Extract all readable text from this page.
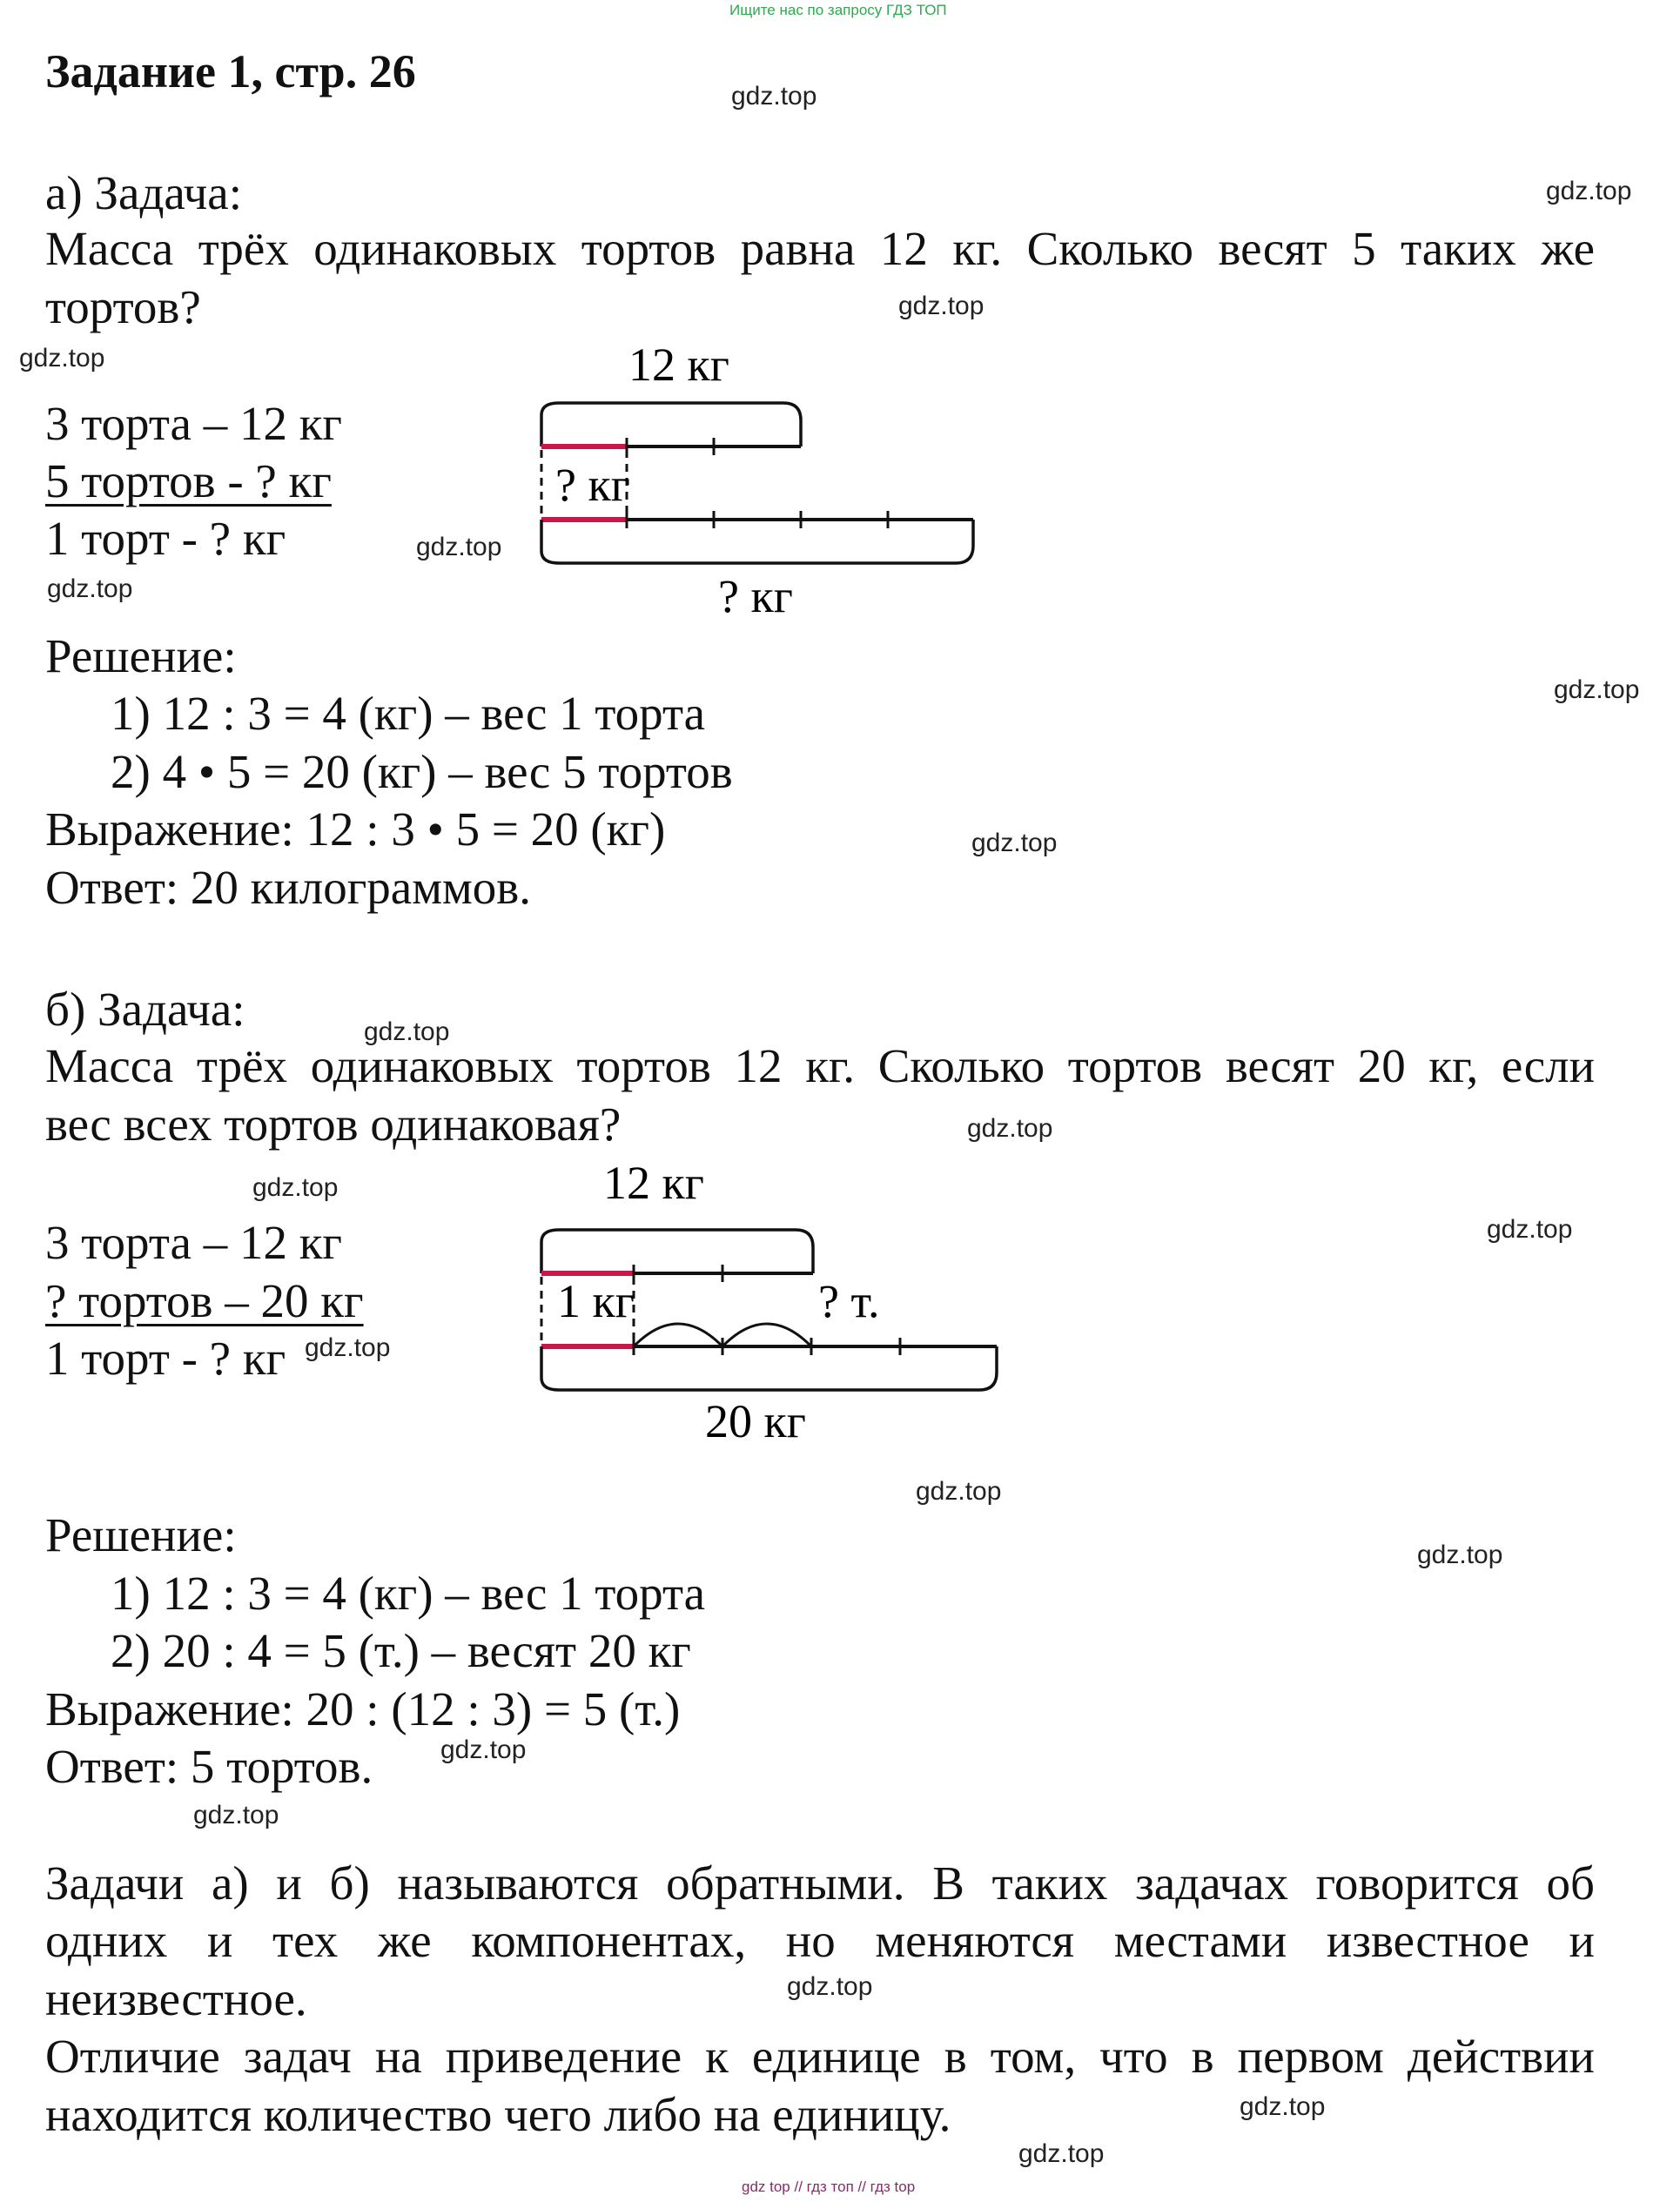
Ищите нас по запросу ГДЗ ТОП
Задание 1, стр. 26	gdz.top
gdz.top
gdz.top
gdz.top
gdz.top
gdz.top
gdz.top
gdz.top
gdz.top
gdz.top
gdz.top
gdz.top
gdz.top
gdz.top
gdz.top
gdz.top
gdz.top
gdz.top
gdz.top
gdz.top
а) Задача:
Масса трёх одинаковых тортов равна 12 кг. Сколько весят 5 таких же
тортов?
3 торта – 12 кг
5 тортов - ? кг
1 торт - ? кг
12 кг
? кг
? кг
Решение:
1) 12 : 3 = 4 (кг) – вес 1 торта
2) 4 • 5 = 20 (кг) – вес 5 тортов
Выражение: 12 : 3 • 5 = 20 (кг)
Ответ: 20 килограммов.
б) Задача:
Масса трёх одинаковых тортов 12 кг. Сколько тортов весят 20 кг, если
вес всех тортов одинаковая?
3 торта – 12 кг
? тортов – 20 кг
1 торт - ? кг
12 кг
1 кг	? т.
20 кг
Решение:
1) 12 : 3 = 4 (кг) – вес 1 торта
2) 20 : 4 = 5 (т.) – весят 20 кг
Выражение: 20 : (12 : 3) = 5 (т.)
Ответ: 5 тортов.
Задачи а) и б) называются обратными. В таких задачах говорится об
одних и тех же компонентах, но меняются местами известное и
неизвестное.
Отличие задач на приведение к единице в том, что в первом действии
находится количество чего либо на единицу.
gdz top // гдз топ // гдз top
